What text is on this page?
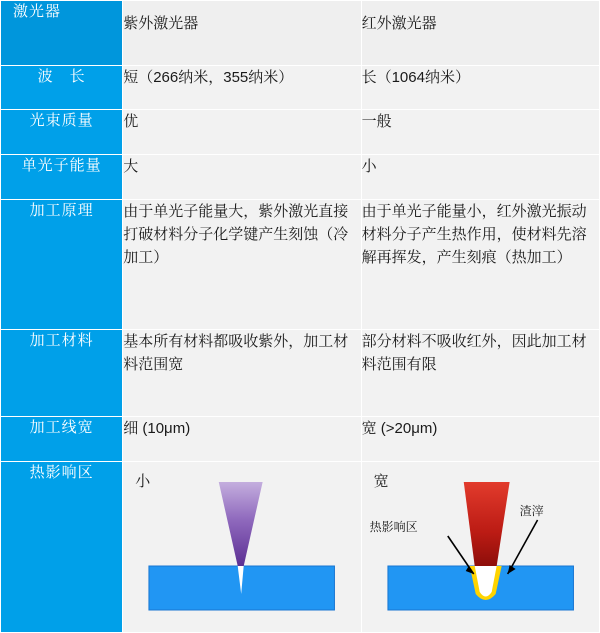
激光器	紫外激光器	红外激光器

波　长	短（266纳米，355纳米）	长（1064纳米）

光束质量	优	一般

单光子能量	大	小

加工原理	由于单光子能量大，紫外激光直接打破材料分子化学键产生刻蚀（冷加工）	由于单光子能量小，红外激光振动材料分子产生热作用，使材料先溶解再挥发，产生刻痕（热加工）

加工材料	基本所有材料都吸收紫外，加工材料范围宽	部分材料不吸收红外，因此加工材料范围有限

加工线宽	细 (10μm)	宽 (>20μm)

热影响区	小	宽
热影响区
渣滓
